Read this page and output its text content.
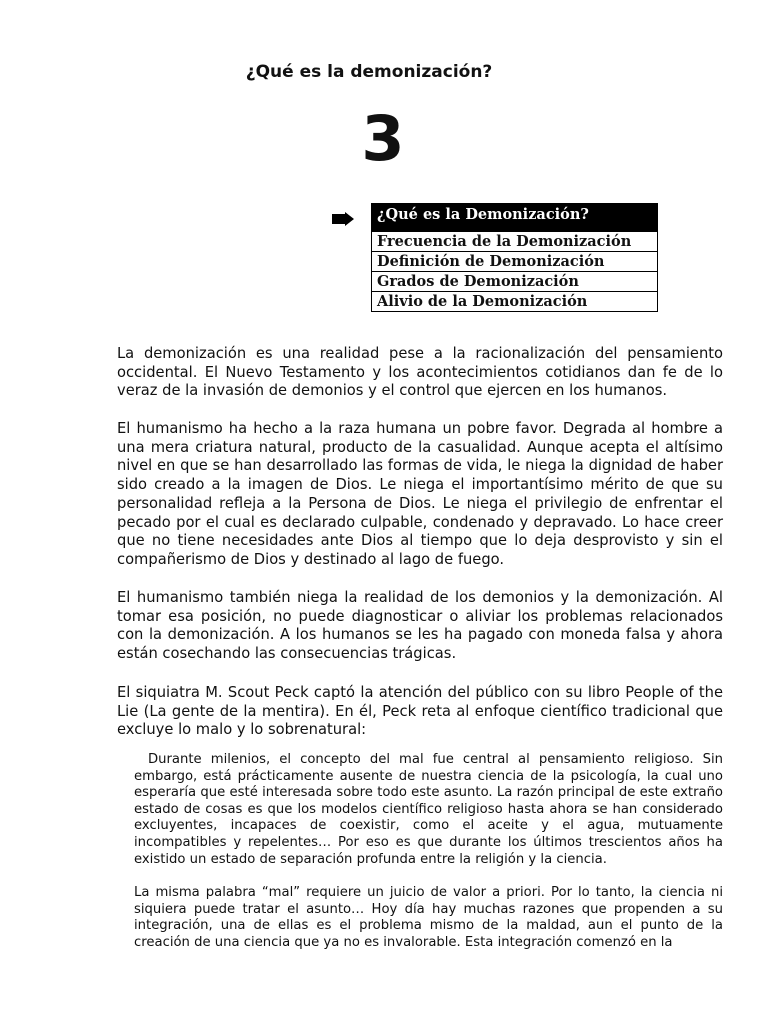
¿Qué es la demonización?
3
¿Qué es la Demonización?
Frecuencia de la Demonización
Definición de Demonización
Grados de Demonización
Alivio de la Demonización

La demonización es una realidad pese a la racionalización del pensamiento occidental. El Nuevo Testamento y los acontecimientos cotidianos dan fe de lo veraz de la invasión de demonios y el control que ejercen en los humanos.

El humanismo ha hecho a la raza humana un pobre favor. Degrada al hombre a una mera criatura natural, producto de la casualidad. Aunque acepta el altísimo nivel en que se han desarrollado las formas de vida, le niega la dignidad de haber sido creado a la imagen de Dios. Le niega el importantísimo mérito de que su personalidad refleja a la Persona de Dios. Le niega el privilegio de enfrentar el pecado por el cual es declarado culpable, condenado y depravado. Lo hace creer que no tiene necesidades ante Dios al tiempo que lo deja desprovisto y sin el compañerismo de Dios y destinado al lago de fuego.

El humanismo también niega la realidad de los demonios y la demonización. Al tomar esa posición, no puede diagnosticar o aliviar los problemas relacionados con la demonización. A los humanos se les ha pagado con moneda falsa y ahora están cosechando las consecuencias trágicas.

El siquiatra M. Scout Peck captó la atención del público con su libro People of the Lie (La gente de la mentira). En él, Peck reta al enfoque científico tradicional que excluye lo malo y lo sobrenatural:

Durante milenios, el concepto del mal fue central al pensamiento religioso. Sin embargo, está prácticamente ausente de nuestra ciencia de la psicología, la cual uno esperaría que esté interesada sobre todo este asunto. La razón principal de este extraño estado de cosas es que los modelos científico religioso hasta ahora se han considerado excluyentes, incapaces de coexistir, como el aceite y el agua, mutuamente incompatibles y repelentes… Por eso es que durante los últimos trescientos años ha existido un estado de separación profunda entre la religión y la ciencia.

La misma palabra “mal” requiere un juicio de valor a priori. Por lo tanto, la ciencia ni siquiera puede tratar el asunto… Hoy día hay muchas razones que propenden a su integración, una de ellas es el problema mismo de la maldad, aun el punto de la creación de una ciencia que ya no es invalorable. Esta integración comenzó en la
